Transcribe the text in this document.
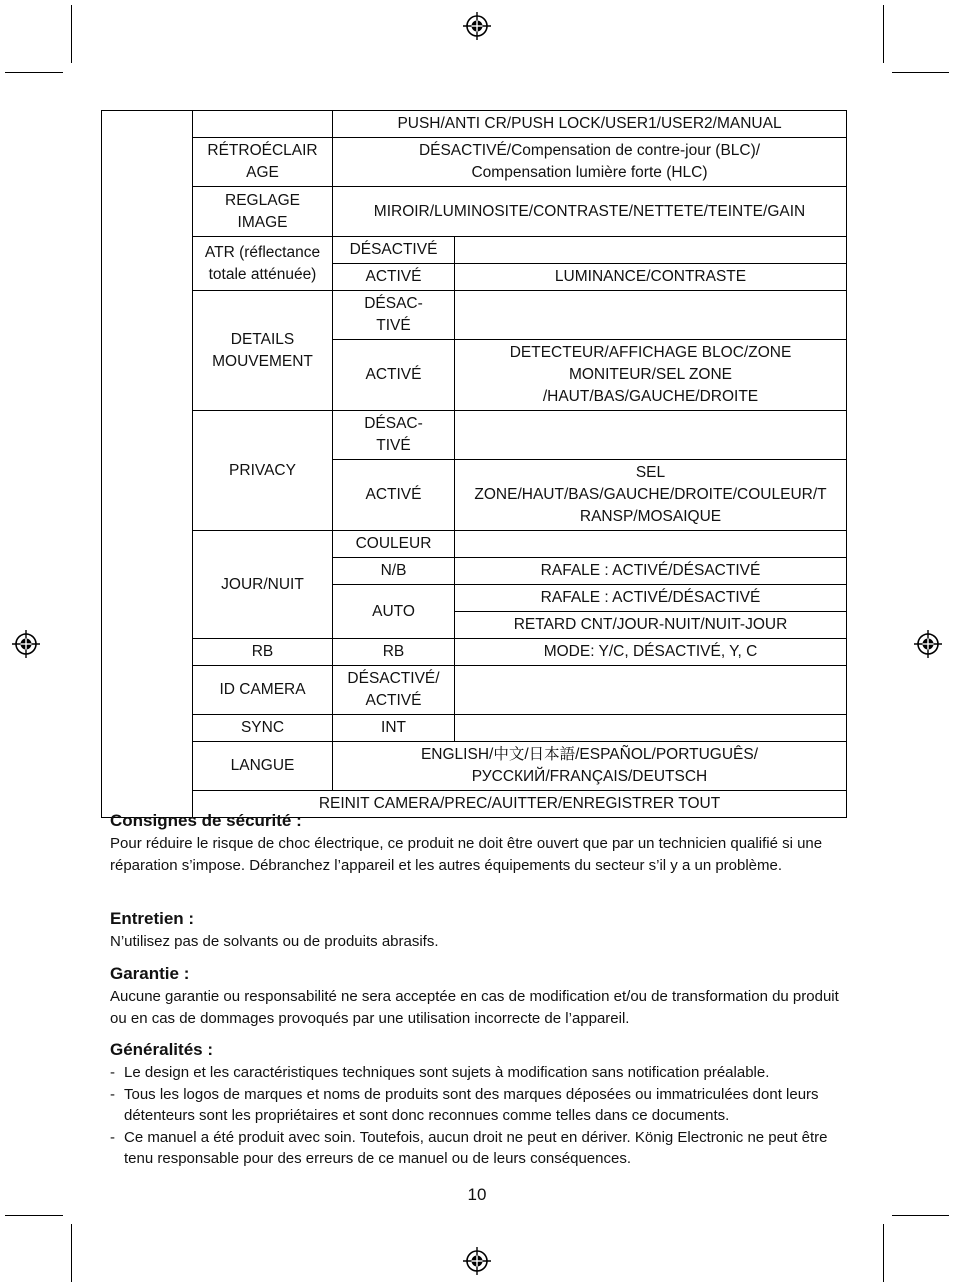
		PUSH/ANTI CR/PUSH LOCK/USER1/USER2/MANUAL	
	RÉTROÉCLAIR
AGE	DÉSACTIVÉ/Compensation de contre-jour (BLC)/
Compensation lumière forte (HLC)	
	REGLAGE
IMAGE	MIROIR/LUMINOSITE/CONTRASTE/NETTETE/TEINTE/GAIN	
	ATR (réflectance
totale atténuée)	DÉSACTIVÉ	
		ACTIVÉ	LUMINANCE/CONTRASTE
	DETAILS
MOUVEMENT	DÉSAC-
TIVÉ	
		ACTIVÉ	DETECTEUR/AFFICHAGE BLOC/ZONE
MONITEUR/SEL ZONE
/HAUT/BAS/GAUCHE/DROITE
	PRIVACY	DÉSAC-
TIVÉ	
		ACTIVÉ	SEL
ZONE/HAUT/BAS/GAUCHE/DROITE/COULEUR/T
RANSP/MOSAIQUE
	JOUR/NUIT	COULEUR	
		N/B	RAFALE : ACTIVÉ/DÉSACTIVÉ
		AUTO	RAFALE : ACTIVÉ/DÉSACTIVÉ
			RETARD CNT/JOUR-NUIT/NUIT-JOUR
	RB	RB	MODE: Y/C, DÉSACTIVÉ, Y, C
	ID CAMERA	DÉSACTIVÉ/
ACTIVÉ	
	SYNC	INT	
	LANGUE	ENGLISH/中文/日本語/ESPAÑOL/PORTUGUÊS/
РУССКИЙ/FRANÇAIS/DEUTSCH	
	REINIT CAMERA/PREC/AUITTER/ENREGISTRER TOUT		
Consignes de sécurité :

Pour réduire le risque de choc électrique, ce produit ne doit être ouvert que par un technicien qualifié si une réparation s’impose. Débranchez l’appareil et les autres équipements du secteur s’il y a un problème.

Entretien :

N’utilisez pas de solvants ou de produits abrasifs.

Garantie :

Aucune garantie ou responsabilité ne sera acceptée en cas de modification et/ou de transformation du produit ou en cas de dommages provoqués par une utilisation incorrecte de l’appareil.

Généralités :
- Le design et les caractéristiques techniques sont sujets à modification sans notification préalable.
- Tous les logos de marques et noms de produits sont des marques déposées ou immatriculées dont leurs détenteurs sont les propriétaires et sont donc reconnues comme telles dans ce documents.
- Ce manuel a été produit avec soin. Toutefois, aucun droit ne peut en dériver. König Electronic ne peut être tenu responsable pour des erreurs de ce manuel ou de leurs conséquences.
10
